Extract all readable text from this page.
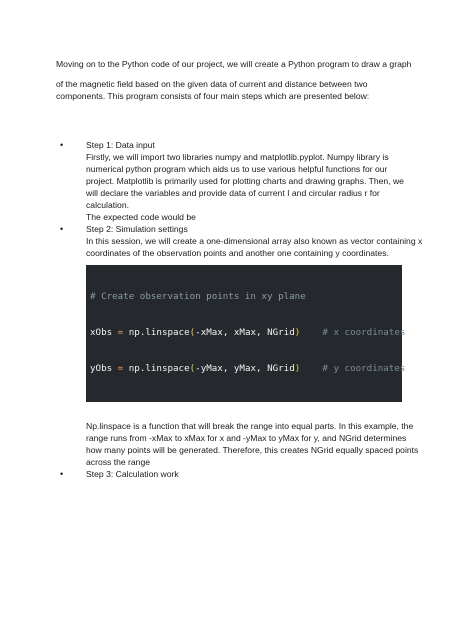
Moving on to the Python code of our project, we will create a Python program to draw a graph
of the magnetic field based on the given data of current and distance between two
components. This program consists of four main steps which are presented below:
•	Step 1: Data input
Firstly, we will import two libraries numpy and matplotlib.pyplot. Numpy library is
numerical python program which aids us to use various helpful functions for our
project. Matplotlib is primarily used for plotting charts and drawing graphs. Then, we
will declare the variables and provide data of current I and circular radius r for
calculation.
The expected code would be
•	Step 2: Simulation settings
In this session, we will create a one-dimensional array also known as vector containing x
coordinates of the observation points and another one containing y coordinates.

# Create observation points in xy plane

xObs = np.linspace(-xMax, xMax, NGrid)    # x coordinates

yObs = np.linspace(-yMax, yMax, NGrid)    # y coordinates

Np.linspace is a function that will break the range into equal parts. In this example, the
range runs from -xMax to xMax for x and -yMax to yMax for y, and NGrid determines
how many points will be generated. Therefore, this creates NGrid equally spaced points
across the range
•	Step 3: Calculation work
